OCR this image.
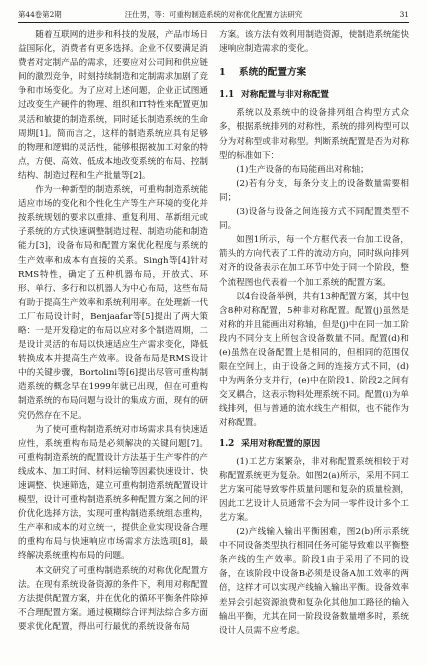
第44卷第2期	汪仕男，等：可重构制造系统的对称优化配置方法研究	31

随着互联网的进步和科技的发展，产品市场日益国际化，消费者有更多选择。企业不仅要满足消费者对定制产品的需求，还要应对公司间和供应链间的激烈竞争，时刻持续制造和定制需求加剧了竞争和市场变化。为了应对上述问题，企业正试图通过改变生产硬件的物理、组织和IT特性来配置更加灵活和敏捷的制造系统，同时延长制造系统的生命周期[1]。简而言之，这样的制造系统应具有足够的物理和逻辑的灵活性，能够根据被加工对象的特点，方便、高效、低成本地改变系统的布局、控制结构、制造过程和生产批量等[2]。

作为一种新型的制造系统，可重构制造系统能适应市场的变化和个性化生产等生产环境的变化并按系统规划的要求以重排、重复利用、革新组元或子系统的方式快速调整制造过程、制造功能和制造能力[3]，设备布局和配置方案优化程度与系统的生产效率和成本有直接的关系。Singh等[4]针对RMS特性，确定了五种机器布局，开放式、环形、单行、多行和以机器人为中心布局，这些布局有助于提高生产效率和系统利用率。在处理新一代工厂布局设计时，Benjaafar等[5]提出了两大策略：一是开发稳定的布局以应对多个制造周期，二是设计灵活的布局以快速适应生产需求变化，降低转换成本并提高生产效率。设备布局是RMS设计中的关键步骤，Bortolini等[6]提出尽管可重构制造系统的概念早在1999年就已出现，但在可重构制造系统的布局问题与设计的集成方面，现有的研究仍然存在不足。

为了使可重构制造系统对市场需求具有快速适应性，系统重构布局是必须解决的关键问题[7]。可重构制造系统的配置设计方法基于生产零件的产线成本、加工时间、材料运输等因素快速设计、快速调整、快速筛选，建立可重构制造系统配置设计模型，设计可重构制造系统多种配置方案之间的评价优化选择方法，实现可重构制造系统组态重构，生产率和成本的对立统一，提供企业实现设备合理的重构布局与快速响应市场需求方法选项[8]，最终解决系统重构布局的问题。

本文研究了可重构制造系统的对称优化配置方法。在现有系统设备资源的条件下，利用对称配置方法提供配置方案，并在优化的循环平衡条件除掉不合理配置方案。通过模糊综合评判法综合多方面要求优化配置，得出可行最优的系统设备布局

方案。该方法有效利用制造资源，使制造系统能快速响应制造需求的变化。

1 系统的配置方案
1.1 对称配置与非对称配置

系统以及系统中的设备排列组合构型方式众多，根据系统排列的对称性，系统的排列构型可以分为对称型或非对称型。判断系统配置是否为对称型的标准如下：

(1)生产设备的布局能画出对称轴；

(2)若有分支，每条分支上的设备数量需要相同；

(3)设备与设备之间连接方式不同配置类型不同。

如图1所示，每一个方框代表一台加工设备，箭头的方向代表了工件的流动方向，同时纵向排列对齐的设备表示在加工环节中处于同一个阶段，整个流程图也代表着一个加工系统的配置方案。

以4台设备举例，共有13种配置方案，其中包含8种对称配置，5种非对称配置。配置(j)虽然是对称的并且能画出对称轴，但是(j)中在同一加工阶段内不同分支上所包含设备数量不同。配置(d)和(e)虽然在设备配置上是相同的，但相同的范围仅限在空间上，由于设备之间的连接方式不同，(d)中为两条分支并行，(e)中在阶段1、阶段2之间有交叉耦合，这表示物料处理系统不同。配置(i)为单线排列，但与普通的流水线生产相似，也不能作为对称配置。

1.2 采用对称配置的原因

(1)工艺方案繁杂，非对称配置系统相较于对称配置系统更为复杂。如图2(a)所示，采用不同工艺方案可能导致零件质量问题和复杂的质量检测，因此工艺设计人员通常不会为同一零件设计多个工艺方案。

(2)产线输入输出平衡困难，图2(b)所示系统中不同设备类型执行相同任务可能导致难以平衡整条产线的生产效率。阶段1由于采用了不同的设备，在该阶段中设备B必须是设备A加工效率的两倍，这样才可以实现产线输入输出平衡。设备效率差异会引起资源浪费和复杂化其他加工路径的输入输出平衡，尤其在同一阶段设备数量增多时，系统设计人员需不应考虑。
